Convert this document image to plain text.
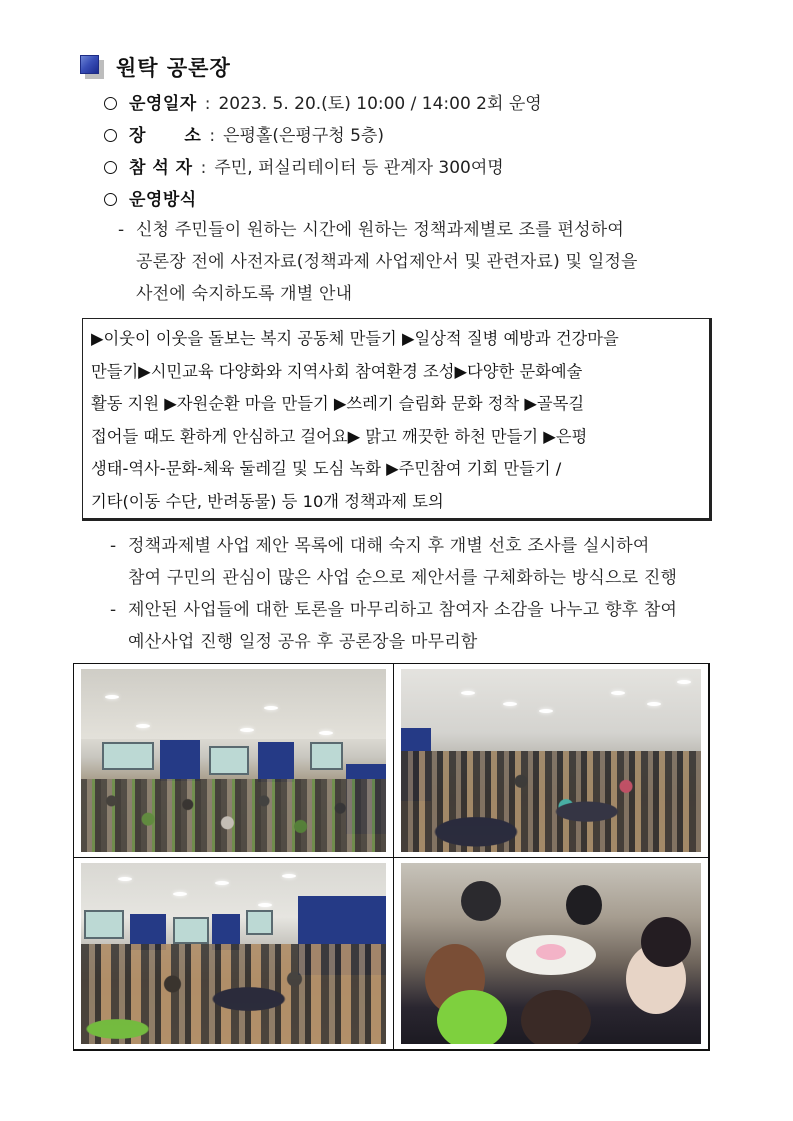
원탁 공론장
운영일자 : 2023. 5. 20.(토) 10:00 / 14:00 2회 운영
장      소 : 은평홀(은평구청 5층)
참 석 자 : 주민, 퍼실리테이터 등 관계자 300여명
운영방식
- 신청 주민들이 원하는 시간에 원하는 정책과제별로 조를 편성하여
공론장 전에 사전자료(정책과제 사업제안서 및 관련자료) 및 일정을
사전에 숙지하도록 개별 안내
▶이웃이 이웃을 돌보는 복지 공동체 만들기 ▶일상적 질병 예방과 건강마을
만들기▶시민교육 다양화와 지역사회 참여환경 조성▶다양한 문화예술
활동 지원 ▶자원순환 마을 만들기 ▶쓰레기 슬림화 문화 정착 ▶골목길
접어들 때도 환하게 안심하고 걸어요▶ 맑고 깨끗한 하천 만들기 ▶은평
생태-역사-문화-체육 둘레길 및 도심 녹화 ▶주민참여 기회 만들기 /
기타(이동 수단, 반려동물) 등 10개 정책과제 토의
- 정책과제별 사업 제안 목록에 대해 숙지 후 개별 선호 조사를 실시하여
참여 구민의 관심이 많은 사업 순으로 제안서를 구체화하는 방식으로 진행
- 제안된 사업들에 대한 토론을 마무리하고 참여자 소감을 나누고 향후 참여
예산사업 진행 일정 공유 후 공론장을 마무리함
